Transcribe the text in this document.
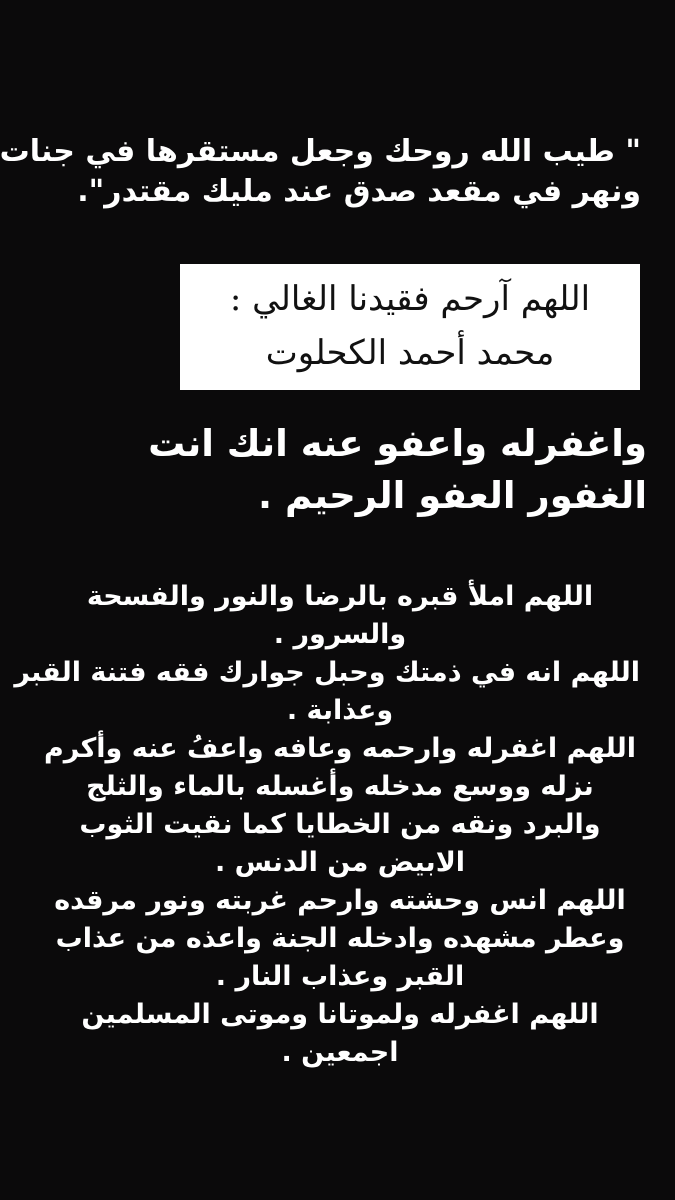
" طيب الله روحك وجعل مستقرها في جنات
ونهر في مقعد صدق عند مليك مقتدر".
اللهم آرحم فقيدنا الغالي :
محمد أحمد الكحلوت
واغفرله واعفو عنه انك انت
الغفور العفو الرحيم .
اللهم املأ قبره بالرضا والنور والفسحة
والسرور .
اللهم انه في ذمتك وحبل جوارك فقه فتنة القبر
وعذابة .
اللهم اغفرله وارحمه وعافه واعفُ عنه وأكرم
نزله ووسع مدخله وأغسله بالماء والثلج
والبرد ونقه من الخطايا كما نقيت الثوب
الابيض من الدنس .
اللهم انس وحشته وارحم غربته ونور مرقده
وعطر مشهده وادخله الجنة واعذه من عذاب
القبر وعذاب النار .
اللهم اغفرله ولموتانا وموتى المسلمين
اجمعين .
